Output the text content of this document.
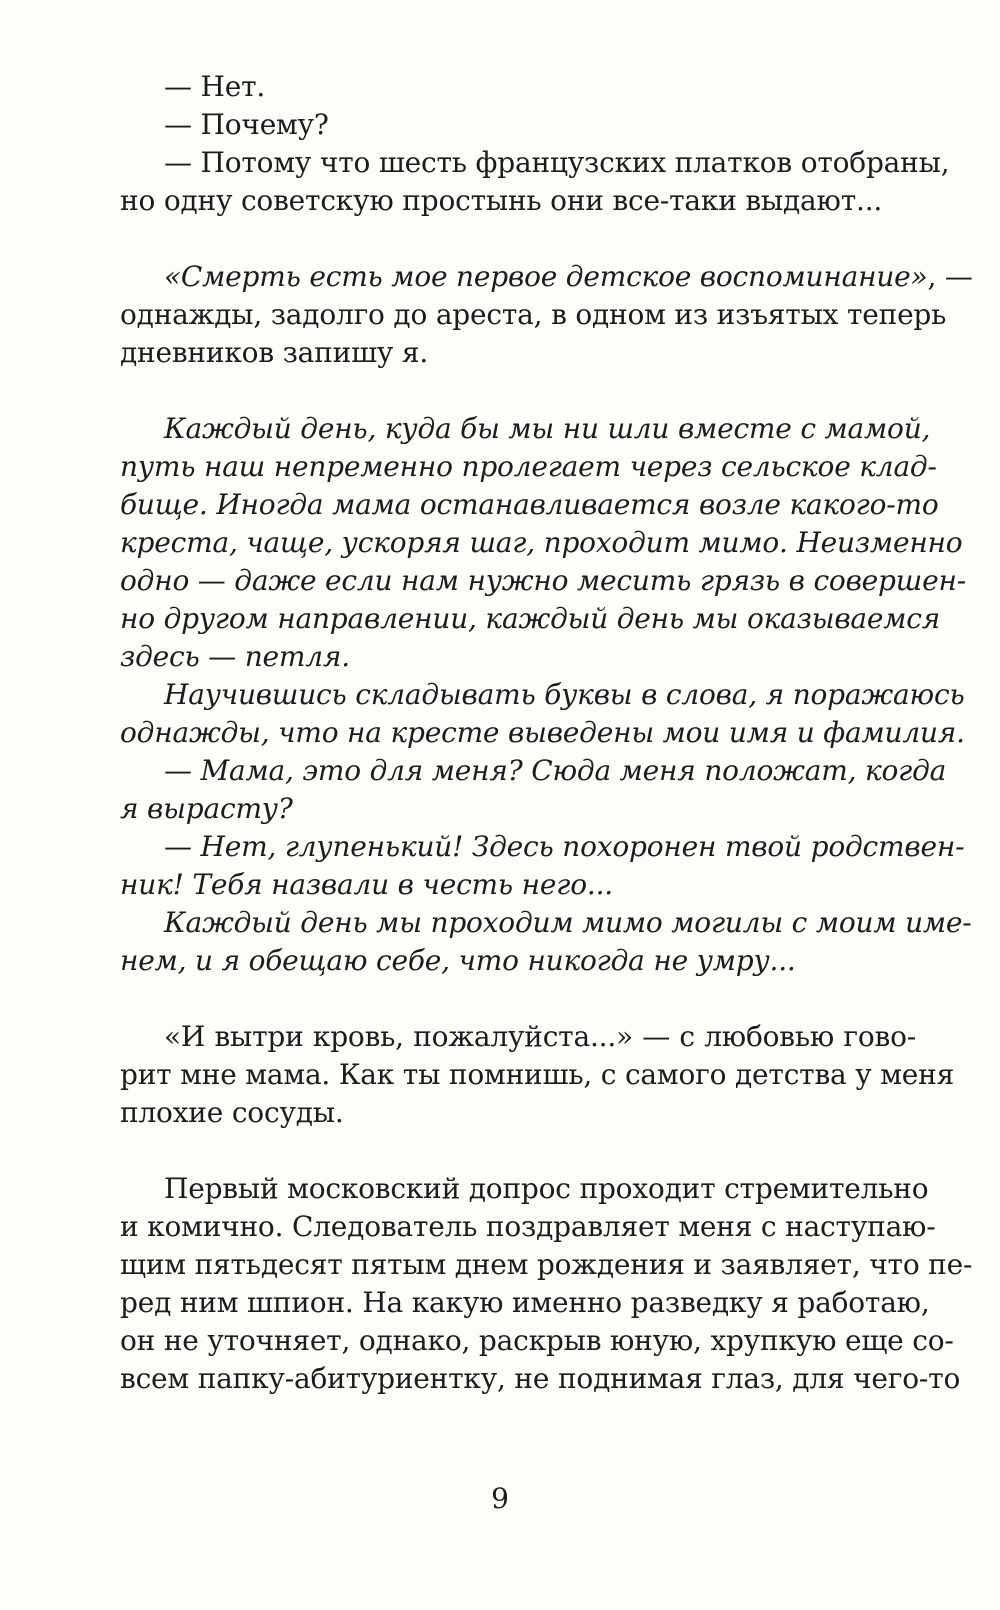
— Нет.
— Почему?
— Потому что шесть французских платков отобраны,
но одну советскую простынь они все-таки выдают...
«Смерть есть мое первое детское воспоминание», —
однажды, задолго до ареста, в одном из изъятых теперь
дневников запишу я.
Каждый день, куда бы мы ни шли вместе с мамой,
путь наш непременно пролегает через сельское клад-
бище. Иногда мама останавливается возле какого-то
креста, чаще, ускоряя шаг, проходит мимо. Неизменно
одно — даже если нам нужно месить грязь в совершен-
но другом направлении, каждый день мы оказываемся
здесь — петля.
Научившись складывать буквы в слова, я поражаюсь
однажды, что на кресте выведены мои имя и фамилия.
— Мама, это для меня? Сюда меня положат, когда
я вырасту?
— Нет, глупенький! Здесь похоронен твой родствен-
ник! Тебя назвали в честь него...
Каждый день мы проходим мимо могилы с моим име-
нем, и я обещаю себе, что никогда не умру...
«И вытри кровь, пожалуйста...» — с любовью гово-
рит мне мама. Как ты помнишь, с самого детства у меня
плохие сосуды.
Первый московский допрос проходит стремительно
и комично. Следователь поздравляет меня с наступаю-
щим пятьдесят пятым днем рождения и заявляет, что пе-
ред ним шпион. На какую именно разведку я работаю,
он не уточняет, однако, раскрыв юную, хрупкую еще со-
всем папку-абитуриентку, не поднимая глаз, для чего-то
9
